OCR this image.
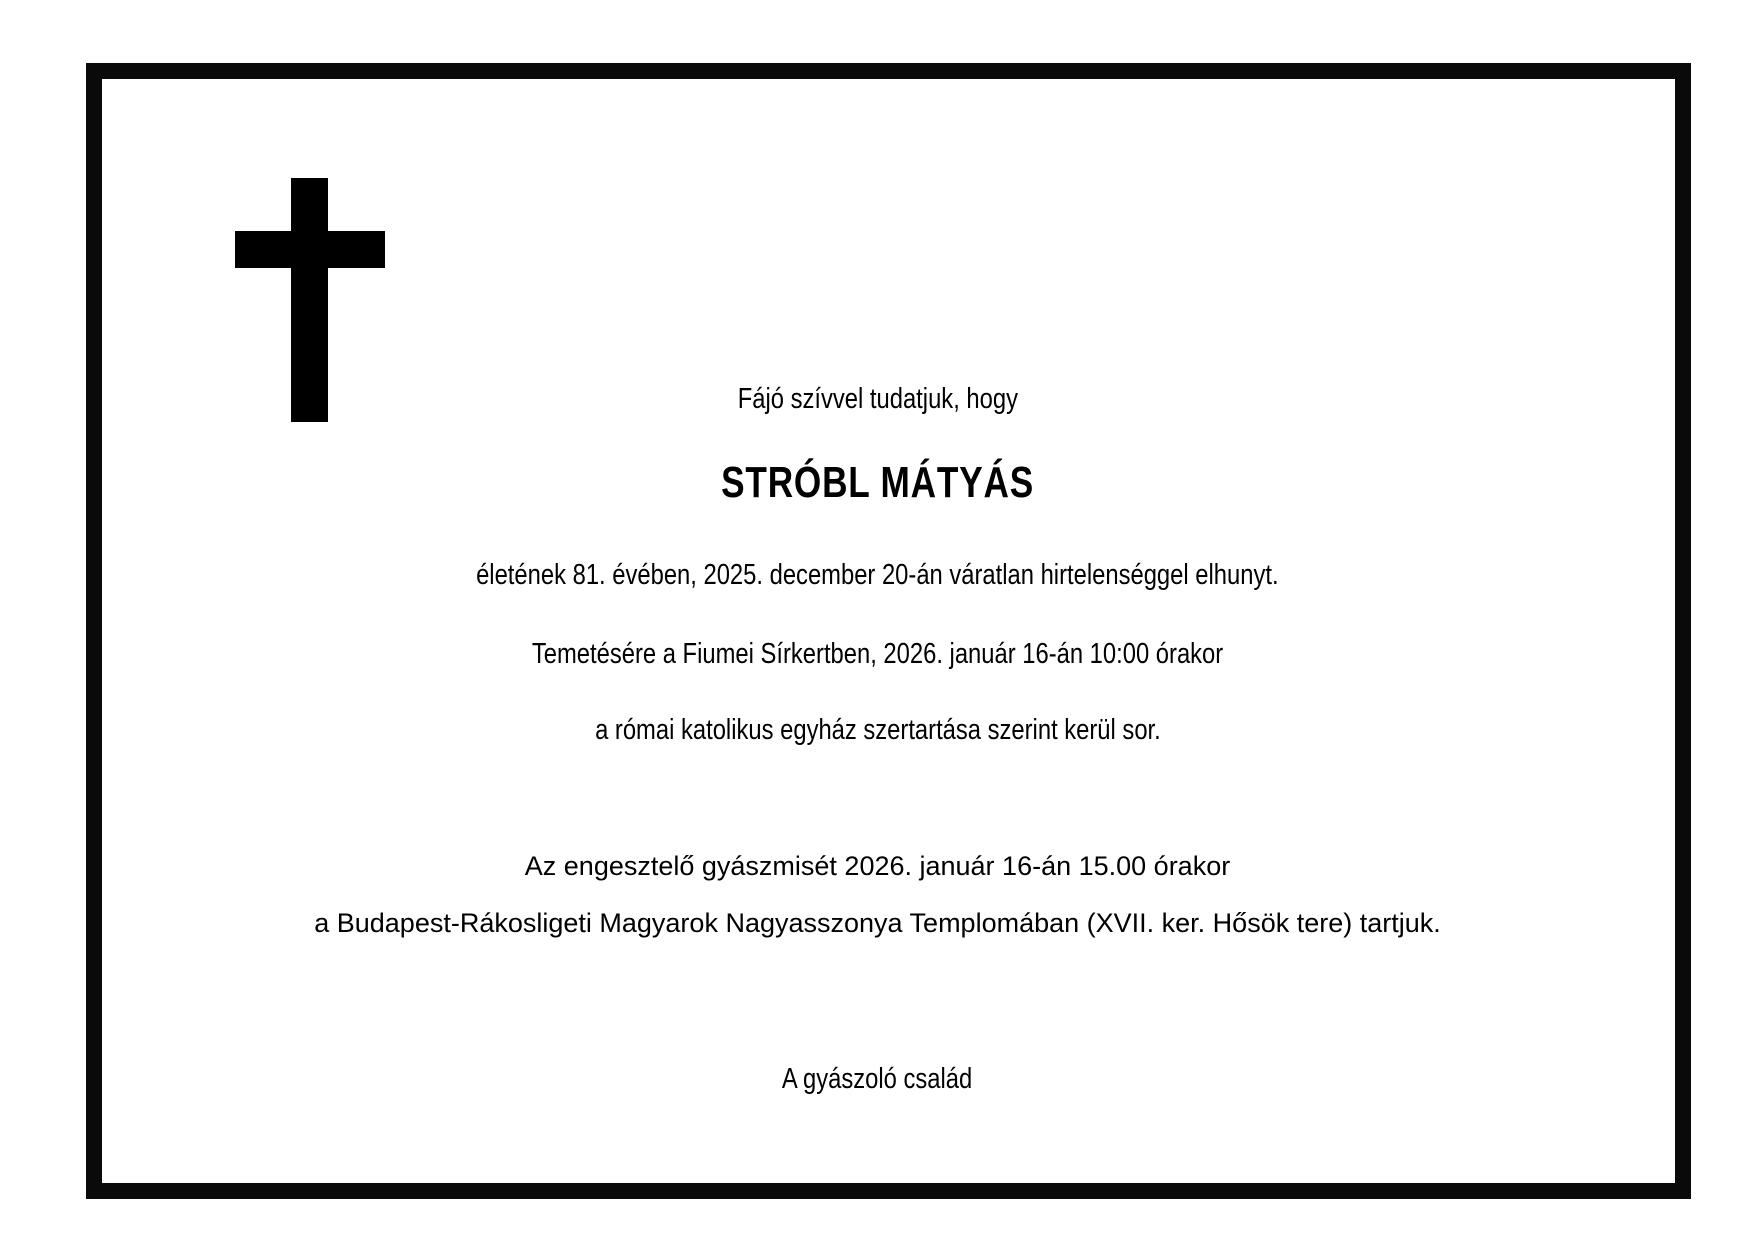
Fájó szívvel tudatjuk, hogy
STRÓBL MÁTYÁS
életének 81. évében, 2025. december 20-án váratlan hirtelenséggel elhunyt.
Temetésére a Fiumei Sírkertben, 2026. január 16-án 10:00 órakor
a római katolikus egyház szertartása szerint kerül sor.
Az engesztelő gyászmisét 2026. január 16-án 15.00 órakor
a Budapest-Rákosligeti Magyarok Nagyasszonya Templomában (XVII. ker. Hősök tere) tartjuk.
A gyászoló család
